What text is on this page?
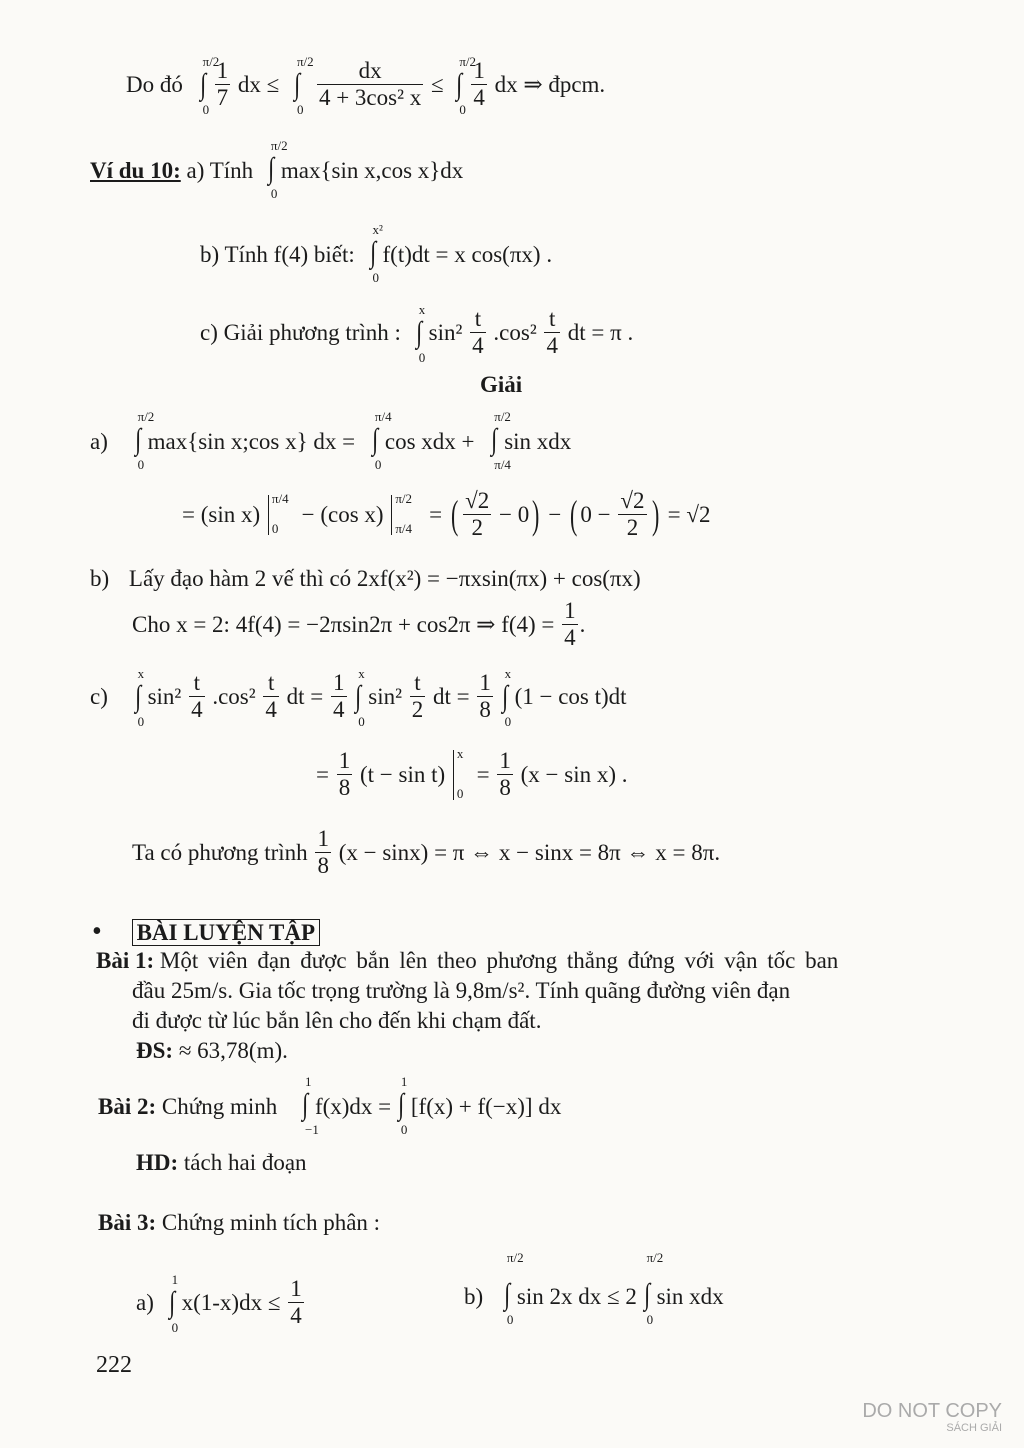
Do đó
π/2
∫
0
$\frac{1}{7}$ dx ≤
π/2
∫
0
$\frac{dx}{\text{4 + 3cos² x}}$ ≤
π/2
∫
0
$\frac{1}{4}$ dx ⇒ đpcm.
Ví du 10: a) Tính
π/2
∫
0
max{sin x,cos x}dx
b) Tính f(4) biết:
x²
∫
0
f(t)dt = x cos(πx) .
c) Giải phương trình :
x
∫
0
$\sin^2 \frac{t}{4} .\cos^2 \frac{t}{4}$ dt = π .
Giải
a)
π/2
∫
0
max{sin x;cos x} dx =
π/4
∫
0
cos xdx +
π/2
∫
π/4
sin xdx
= (sin x)
π/4
0
− (cos x)
π/2
π/4
= ( $\frac{√2}{2} - 0$) − ( $0 - \frac{√2}{2}$ ) = √2
b) Lấy đạo hàm 2 vế thì có 2xf(x²) = −πxsin(πx) + cos(πx)
Cho x = 2: 4f(4) = −2πsin2π + cos2π ⇒ $f(4) = \frac{1}{4}$ .
c)
x
∫
0
$\sin^2 \frac{t}{4} .\cos^2 \frac{t}{4}$ dt = $\frac{1}{4}$
x
∫
0
$\sin^2 \frac{t}{2}$ dt = $\frac{1}{8}$
x
∫
0
(1 − cos t)dt
= $\frac{1}{8} (t - \sin t)$
x
0
= $\frac{1}{8} (x - \sin x)$ .
Ta có phương trình $\frac{1}{8} (x - \sin x) = \pi$ ⇔ x − sinx = 8π ⇔ x = 8π.
• BÀI LUYỆN TẬP
Bài 1: Một viên đạn được bắn lên theo phương thẳng đứng với vận tốc ban
đầu 25m/s. Gia tốc trọng trường là 9,8m/s². Tính quãng đường viên đạn
đi được từ lúc bắn lên cho đến khi chạm đất.
ĐS: ≈ 63,78(m).
Bài 2: Chứng minh
1
∫
−1
f(x)dx =
1
∫
0
[f(x) + f(−x)] dx
HD: tách hai đoạn
Bài 3: Chứng minh tích phân :
a)
1
∫
0
$x(1-x)dx \le \frac{1}{4}$	b)
π/2
∫
0
sin 2x dx ≤ 2
π/2
∫
0
sin xdx
222
DO NOT COPY
SÁCH GIẢI
